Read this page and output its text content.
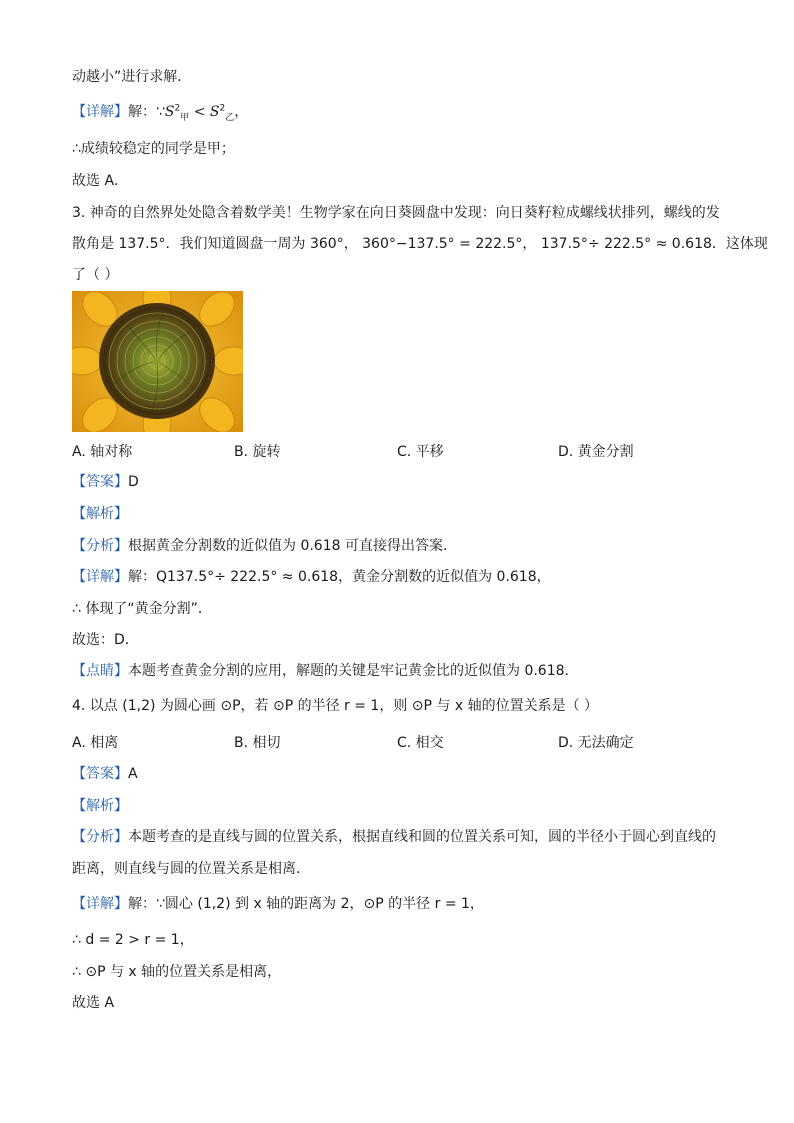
动越小”进行求解．
【详解】解：$\because S^2_甲 < S^2_乙$，
∴成绩较稳定的同学是甲；
故选 A．
3. 神奇的自然界处处隐含着数学美！生物学家在向日葵圆盘中发现：向日葵籽粒成螺线状排列，螺线的发
散角是 137.5°．我们知道圆盘一周为 360°， 360°−137.5° = 222.5°， 137.5°÷ 222.5° ≈ 0.618．这体现
了（ ）
A. 轴对称	B. 旋转	C. 平移	D. 黄金分割
【答案】D
【解析】
【分析】根据黄金分割数的近似值为 0.618 可直接得出答案．
【详解】解：Q137.5°÷ 222.5° ≈ 0.618，黄金分割数的近似值为 0.618，
∴ 体现了“黄金分割”．
故选：D．
【点睛】本题考查黄金分割的应用，解题的关键是牢记黄金比的近似值为 0.618．
4. 以点 (1,2) 为圆心画 ⊙P，若 ⊙P 的半径 r = 1，则 ⊙P 与 x 轴的位置关系是（ ）
A. 相离	B. 相切	C. 相交	D. 无法确定
【答案】A
【解析】
【分析】本题考查的是直线与圆的位置关系，根据直线和圆的位置关系可知，圆的半径小于圆心到直线的
距离，则直线与圆的位置关系是相离．
【详解】解：∵圆心 (1,2) 到 x 轴的距离为 2，⊙P 的半径 r = 1，
∴ d = 2 > r = 1，
∴ ⊙P 与 x 轴的位置关系是相离，
故选 A
